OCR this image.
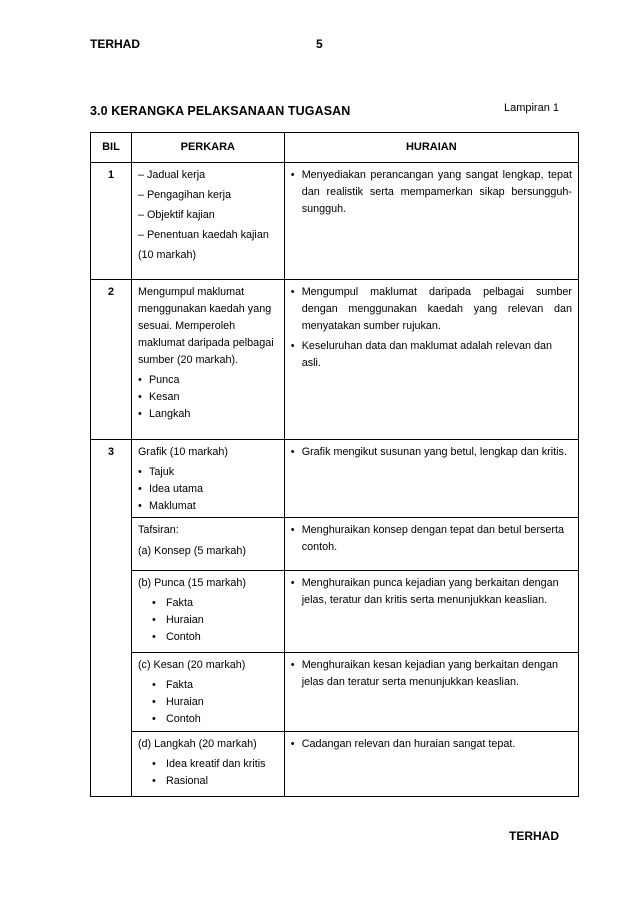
TERHAD	5
Lampiran 1
3.0 KERANGKA PELAKSANAAN TUGASAN
BIL	PERKARA	HURAIAN
1	– Jadual kerja
– Pengagihan kerja
– Objektif kajian
– Penentuan kaedah kajian
(10 markah)	• Menyediakan perancangan yang sangat lengkap, tepat dan realistik serta mempamerkan sikap bersungguh-sungguh.

2	Mengumpul maklumat menggunakan kaedah yang sesuai. Memperoleh maklumat daripada pelbagai sumber (20 markah).
• Punca
• Kesan
• Langkah	• Mengumpul maklumat daripada pelbagai sumber dengan menggunakan kaedah yang relevan dan menyatakan sumber rujukan.
• Keseluruhan data dan maklumat adalah relevan dan asli.

3	Grafik (10 markah)
• Tajuk
• Idea utama
• Maklumat	• Grafik mengikut susunan yang betul, lengkap dan kritis.

	Tafsiran:
(a) Konsep (5 markah)	• Menghuraikan konsep dengan tepat dan betul berserta contoh.

	(b) Punca (15 markah)
• Fakta
• Huraian
• Contoh	• Menghuraikan punca kejadian yang berkaitan dengan jelas, teratur dan kritis serta menunjukkan keaslian.

	(c) Kesan (20 markah)
• Fakta
• Huraian
• Contoh	• Menghuraikan kesan kejadian yang berkaitan dengan jelas dan teratur serta menunjukkan keaslian.

	(d) Langkah (20 markah)
• Idea kreatif dan kritis
• Rasional	• Cadangan relevan dan huraian sangat tepat.
TERHAD
